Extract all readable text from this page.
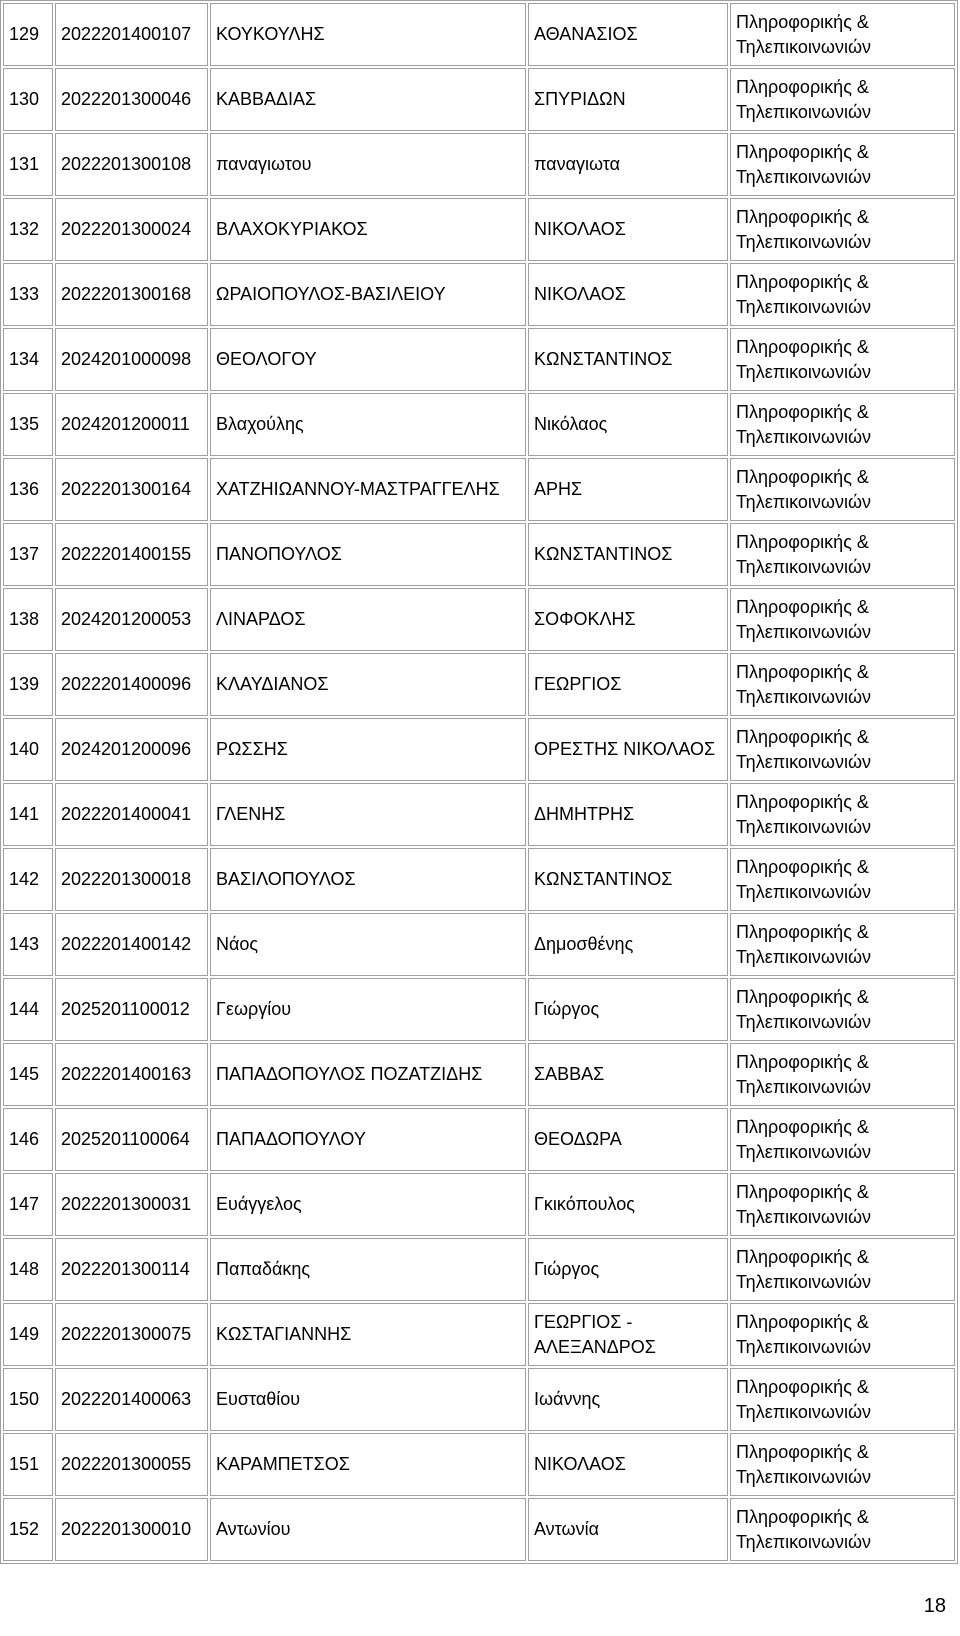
129	2022201400107	ΚΟΥΚΟΥΛΗΣ	ΑΘΑΝΑΣΙΟΣ	Πληροφορικής &
Τηλεπικοινωνιών

130	2022201300046	ΚΑΒΒΑΔΙΑΣ	ΣΠΥΡΙΔΩΝ	Πληροφορικής &
Τηλεπικοινωνιών

131	2022201300108	παναγιωτου	παναγιωτα	Πληροφορικής &
Τηλεπικοινωνιών

132	2022201300024	ΒΛΑΧΟΚΥΡΙΑΚΟΣ	ΝΙΚΟΛΑΟΣ	Πληροφορικής &
Τηλεπικοινωνιών

133	2022201300168	ΩΡΑΙΟΠΟΥΛΟΣ-ΒΑΣΙΛΕΙΟΥ	ΝΙΚΟΛΑΟΣ	Πληροφορικής &
Τηλεπικοινωνιών

134	2024201000098	ΘΕΟΛΟΓΟΥ	ΚΩΝΣΤΑΝΤΙΝΟΣ	Πληροφορικής &
Τηλεπικοινωνιών

135	2024201200011	Βλαχούλης	Νικόλαος	Πληροφορικής &
Τηλεπικοινωνιών

136	2022201300164	ΧΑΤΖΗΙΩΑΝΝΟΥ-ΜΑΣΤΡΑΓΓΕΛΗΣ	ΑΡΗΣ	Πληροφορικής &
Τηλεπικοινωνιών

137	2022201400155	ΠΑΝΟΠΟΥΛΟΣ	ΚΩΝΣΤΑΝΤΙΝΟΣ	Πληροφορικής &
Τηλεπικοινωνιών

138	2024201200053	ΛΙΝΑΡΔΟΣ	ΣΟΦΟΚΛΗΣ	Πληροφορικής &
Τηλεπικοινωνιών

139	2022201400096	ΚΛΑΥΔΙΑΝΟΣ	ΓΕΩΡΓΙΟΣ	Πληροφορικής &
Τηλεπικοινωνιών

140	2024201200096	ΡΩΣΣΗΣ	ΟΡΕΣΤΗΣ ΝΙΚΟΛΑΟΣ	Πληροφορικής &
Τηλεπικοινωνιών

141	2022201400041	ΓΛΕΝΗΣ	ΔΗΜΗΤΡΗΣ	Πληροφορικής &
Τηλεπικοινωνιών

142	2022201300018	ΒΑΣΙΛΟΠΟΥΛΟΣ	ΚΩΝΣΤΑΝΤΙΝΟΣ	Πληροφορικής &
Τηλεπικοινωνιών

143	2022201400142	Νάος	Δημοσθένης	Πληροφορικής &
Τηλεπικοινωνιών

144	2025201100012	Γεωργίου	Γιώργος	Πληροφορικής &
Τηλεπικοινωνιών

145	2022201400163	ΠΑΠΑΔΟΠΟΥΛΟΣ ΠΟΖΑΤΖΙΔΗΣ	ΣΑΒΒΑΣ	Πληροφορικής &
Τηλεπικοινωνιών

146	2025201100064	ΠΑΠΑΔΟΠΟΥΛΟΥ	ΘΕΟΔΩΡΑ	Πληροφορικής &
Τηλεπικοινωνιών

147	2022201300031	Ευάγγελος	Γκικόπουλος	Πληροφορικής &
Τηλεπικοινωνιών

148	2022201300114	Παπαδάκης	Γιώργος	Πληροφορικής &
Τηλεπικοινωνιών

149	2022201300075	ΚΩΣΤΑΓΙΑΝΝΗΣ	ΓΕΩΡΓΙΟΣ -
ΑΛΕΞΑΝΔΡΟΣ	Πληροφορικής &
Τηλεπικοινωνιών

150	2022201400063	Ευσταθίου	Ιωάννης	Πληροφορικής &
Τηλεπικοινωνιών

151	2022201300055	ΚΑΡΑΜΠΕΤΣΟΣ	ΝΙΚΟΛΑΟΣ	Πληροφορικής &
Τηλεπικοινωνιών

152	2022201300010	Αντωνίου	Αντωνία	Πληροφορικής &
Τηλεπικοινωνιών
18
